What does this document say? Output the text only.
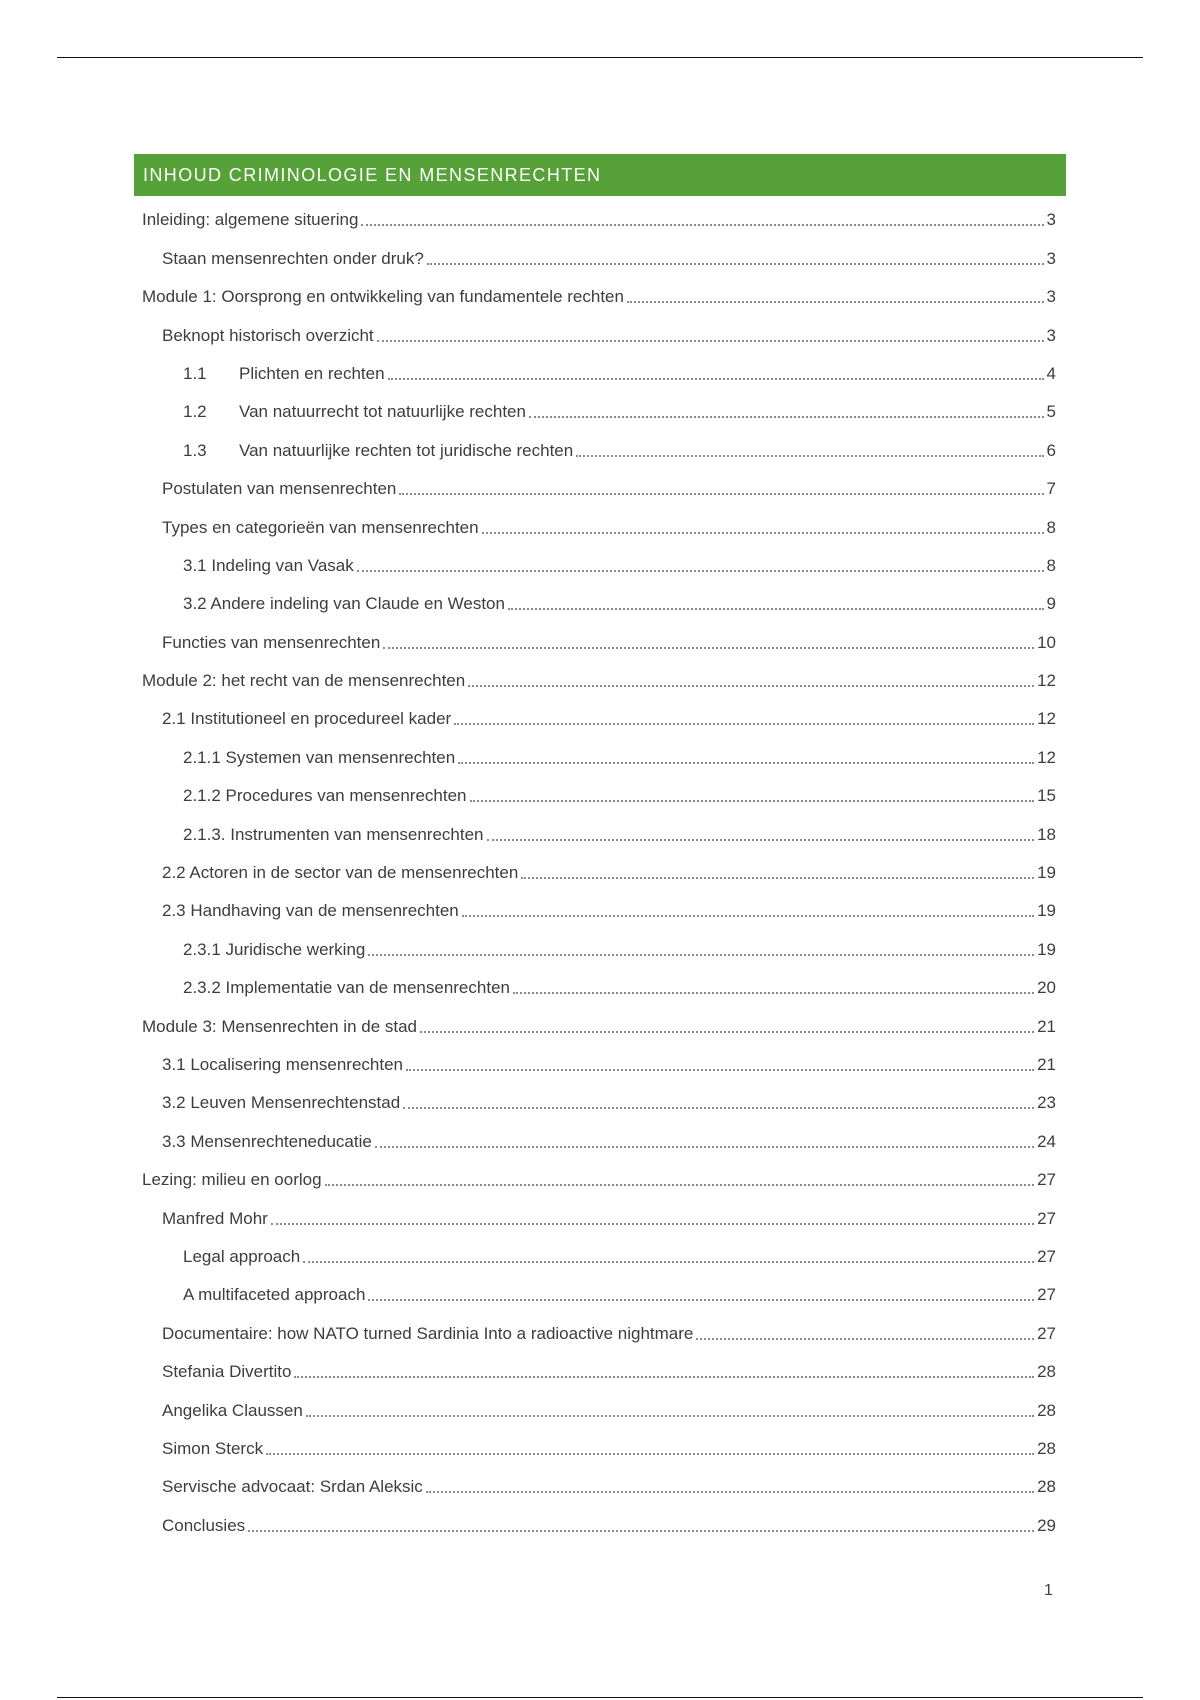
INHOUD CRIMINOLOGIE EN MENSENRECHTEN
Inleiding: algemene situering	3
Staan mensenrechten onder druk?	3
Module 1: Oorsprong en ontwikkeling van fundamentele rechten	3
Beknopt historisch overzicht	3
1.1	Plichten en rechten	4
1.2	Van natuurrecht tot natuurlijke rechten	5
1.3	Van natuurlijke rechten tot juridische rechten	6
Postulaten van mensenrechten	7
Types en categorieën van mensenrechten	8
3.1 Indeling van Vasak	8
3.2 Andere indeling van Claude en Weston	9
Functies van mensenrechten	10
Module 2: het recht van de mensenrechten	12
2.1 Institutioneel en procedureel kader	12
2.1.1 Systemen van mensenrechten	12
2.1.2 Procedures van mensenrechten	15
2.1.3. Instrumenten van mensenrechten	18
2.2 Actoren in de sector van de mensenrechten	19
2.3 Handhaving van de mensenrechten	19
2.3.1 Juridische werking	19
2.3.2 Implementatie van de mensenrechten	20
Module 3: Mensenrechten in de stad	21
3.1 Localisering mensenrechten	21
3.2 Leuven Mensenrechtenstad	23
3.3 Mensenrechteneducatie	24
Lezing: milieu en oorlog	27
Manfred Mohr	27
Legal approach	27
A multifaceted approach	27
Documentaire: how NATO turned Sardinia Into a radioactive nightmare	27
Stefania Divertito	28
Angelika Claussen	28
Simon Sterck	28
Servische advocaat: Srdan Aleksic	28
Conclusies	29
1
